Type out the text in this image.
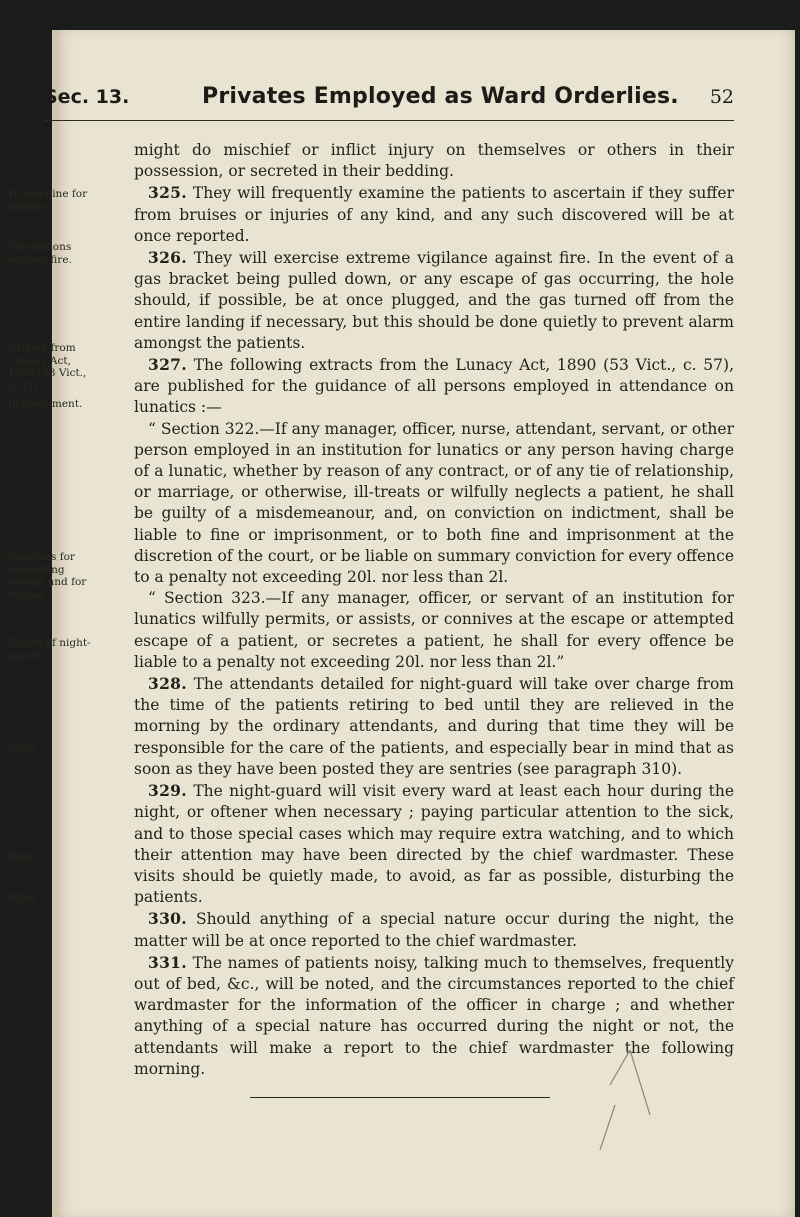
Sec. 13.	Privates Employed as Ward Orderlies. 52
To examine for bruises.
Precautions against fire.
Extract from Lunacy Act, 1890 (53 Vict., c. 57).
Ill-treat-ment.
Penalties for permitting escape and for rescue.
Duties of night-guard.
Ditto.
Ditto.
Ditto.

might do mischief or inflict injury on themselves or others in their possession, or secreted in their bedding.

325. They will frequently examine the patients to ascertain if they suffer from bruises or injuries of any kind, and any such discovered will be at once reported.

326. They will exercise extreme vigilance against fire. In the event of a gas bracket being pulled down, or any escape of gas occurring, the hole should, if possible, be at once plugged, and the gas turned off from the entire landing if necessary, but this should be done quietly to prevent alarm amongst the patients.

327. The following extracts from the Lunacy Act, 1890 (53 Vict., c. 57), are published for the guidance of all persons employed in attendance on lunatics :—

“ Section 322.—If any manager, officer, nurse, attendant, servant, or other person employed in an institution for lunatics or any person having charge of a lunatic, whether by reason of any contract, or of any tie of relationship, or marriage, or otherwise, ill-treats or wilfully neglects a patient, he shall be guilty of a misdemeanour, and, on conviction on indictment, shall be liable to fine or imprisonment, or to both fine and imprisonment at the discretion of the court, or be liable on summary conviction for every offence to a penalty not exceeding 20l. nor less than 2l.

“ Section 323.—If any manager, officer, or servant of an institution for lunatics wilfully permits, or assists, or connives at the escape or attempted escape of a patient, or secretes a patient, he shall for every offence be liable to a penalty not exceeding 20l. nor less than 2l.”

328. The attendants detailed for night-guard will take over charge from the time of the patients retiring to bed until they are relieved in the morning by the ordinary attendants, and during that time they will be responsible for the care of the patients, and especially bear in mind that as soon as they have been posted they are sentries (see paragraph 310).

329. The night-guard will visit every ward at least each hour during the night, or oftener when necessary ; paying particular attention to the sick, and to those special cases which may require extra watching, and to which their attention may have been directed by the chief wardmaster. These visits should be quietly made, to avoid, as far as possible, disturbing the patients.

330. Should anything of a special nature occur during the night, the matter will be at once reported to the chief wardmaster.

331. The names of patients noisy, talking much to themselves, frequently out of bed, &c., will be noted, and the circumstances reported to the chief wardmaster for the information of the officer in charge ; and whether anything of a special nature has occurred during the night or not, the attendants will make a report to the chief wardmaster the following morning.
